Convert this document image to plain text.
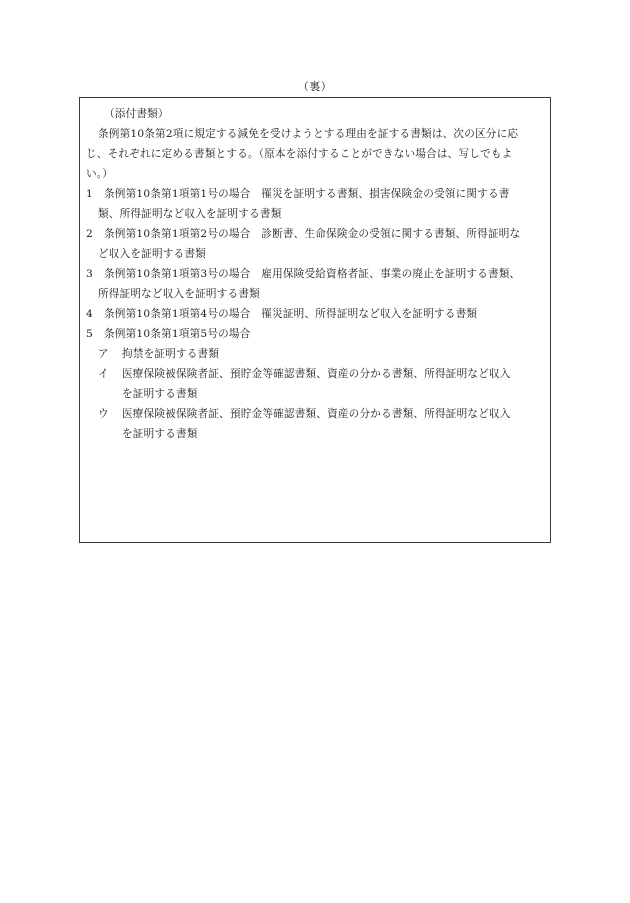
（裏）
（添付書類）
条例第10条第2項に規定する減免を受けようとする理由を証する書類は、次の区分に応
じ、それぞれに定める書類とする。（原本を添付することができない場合は、写しでもよ
い。）
1 条例第10条第1項第1号の場合　罹災を証明する書類、損害保険金の受領に関する書
類、所得証明など収入を証明する書類
2 条例第10条第1項第2号の場合　診断書、生命保険金の受領に関する書類、所得証明な
ど収入を証明する書類
3 条例第10条第1項第3号の場合　雇用保険受給資格者証、事業の廃止を証明する書類、
所得証明など収入を証明する書類
4 条例第10条第1項第4号の場合　罹災証明、所得証明など収入を証明する書類
5 条例第10条第1項第5号の場合
ア 拘禁を証明する書類
イ 医療保険被保険者証、預貯金等確認書類、資産の分かる書類、所得証明など収入
を証明する書類
ウ 医療保険被保険者証、預貯金等確認書類、資産の分かる書類、所得証明など収入
を証明する書類
